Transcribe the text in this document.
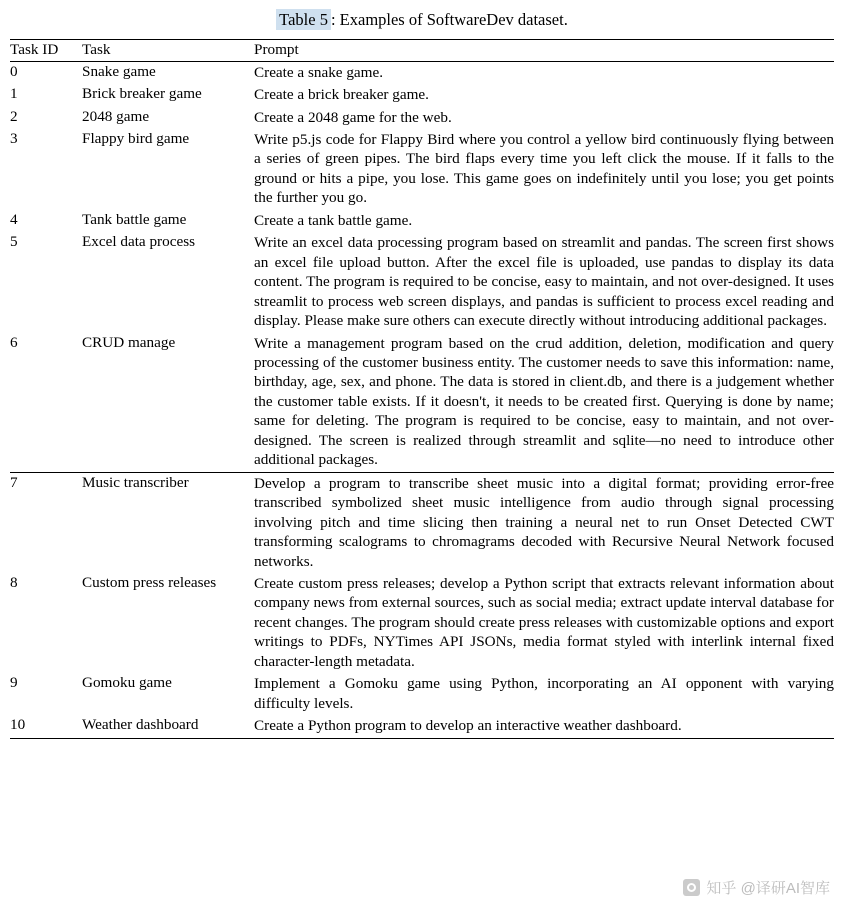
Table 5 : Examples of SoftwareDev dataset.
Task ID	Task	Prompt
0	Snake game	Create a snake game.
1	Brick breaker game	Create a brick breaker game.
2	2048 game	Create a 2048 game for the web.
3	Flappy bird game	Write p5.js code for Flappy Bird where you control a yellow bird continuously flying between a series of green pipes. The bird flaps every time you left click the mouse. If it falls to the ground or hits a pipe, you lose. This game goes on indefinitely until you lose; you get points the further you go.
4	Tank battle game	Create a tank battle game.
5	Excel data process	Write an excel data processing program based on streamlit and pandas. The screen first shows an excel file upload button. After the excel file is uploaded, use pandas to display its data content. The program is required to be concise, easy to maintain, and not over-designed. It uses streamlit to process web screen displays, and pandas is sufficient to process excel reading and display. Please make sure others can execute directly without introducing additional packages.
6	CRUD manage	Write a management program based on the crud addition, deletion, modification and query processing of the customer business entity. The customer needs to save this information: name, birthday, age, sex, and phone. The data is stored in client.db, and there is a judgement whether the customer table exists. If it doesn't, it needs to be created first. Querying is done by name; same for deleting. The program is required to be concise, easy to maintain, and not over-designed. The screen is realized through streamlit and sqlite—no need to introduce other additional packages.
7	Music transcriber	Develop a program to transcribe sheet music into a digital format; providing error-free transcribed symbolized sheet music intelligence from audio through signal processing involving pitch and time slicing then training a neural net to run Onset Detected CWT transforming scalograms to chromagrams decoded with Recursive Neural Network focused networks.
8	Custom press releases	Create custom press releases; develop a Python script that extracts relevant information about company news from external sources, such as social media; extract update interval database for recent changes. The program should create press releases with customizable options and export writings to PDFs, NYTimes API JSONs, media format styled with interlink internal fixed character-length metadata.
9	Gomoku game	Implement a Gomoku game using Python, incorporating an AI opponent with varying difficulty levels.
10	Weather dashboard	Create a Python program to develop an interactive weather dashboard.

知乎 @译研AI智库
